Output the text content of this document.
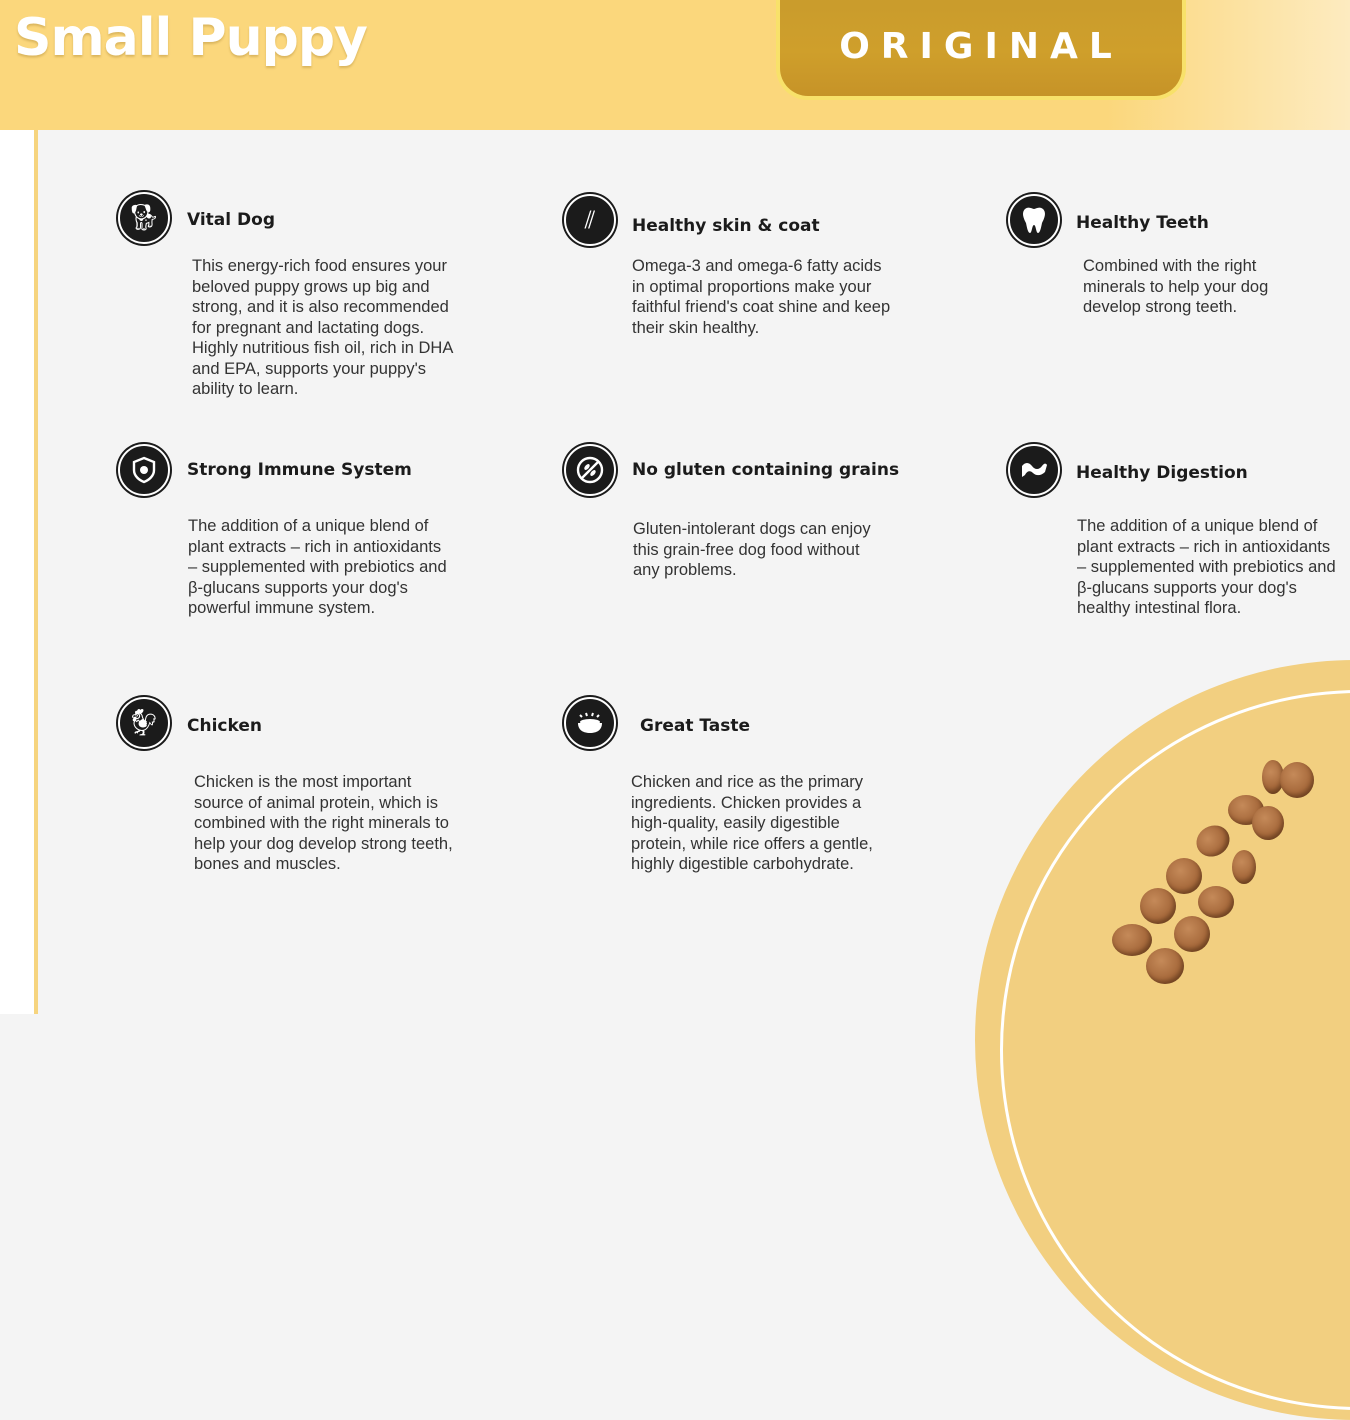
Small Puppy	ORIGINAL
🐕︎	Vital Dog

This energy-rich food ensures your beloved puppy grows up big and strong, and it is also recommended for pregnant and lactating dogs. Highly nutritious fish oil, rich in DHA and EPA, supports your puppy's ability to learn.

⫽	Healthy skin & coat

Omega-3 and omega-6 fatty acids in optimal proportions make your faithful friend's coat shine and keep their skin healthy.

Healthy Teeth

Combined with the right minerals to help your dog develop strong teeth.

Strong Immune System

The addition of a unique blend of plant extracts – rich in antioxidants – supplemented with prebiotics and β-glucans supports your dog's powerful immune system.

No gluten containing grains

Gluten-intolerant dogs can enjoy this grain-free dog food without any problems.

Healthy Digestion

The addition of a unique blend of plant extracts – rich in antioxidants – supplemented with prebiotics and β-glucans supports your dog's healthy intestinal flora.

🐓︎	Chicken

Chicken is the most important source of animal protein, which is combined with the right minerals to help your dog develop strong teeth, bones and muscles.

Great Taste

Chicken and rice as the primary ingredients. Chicken provides a high-quality, easily digestible protein, while rice offers a gentle, highly digestible carbohydrate.
